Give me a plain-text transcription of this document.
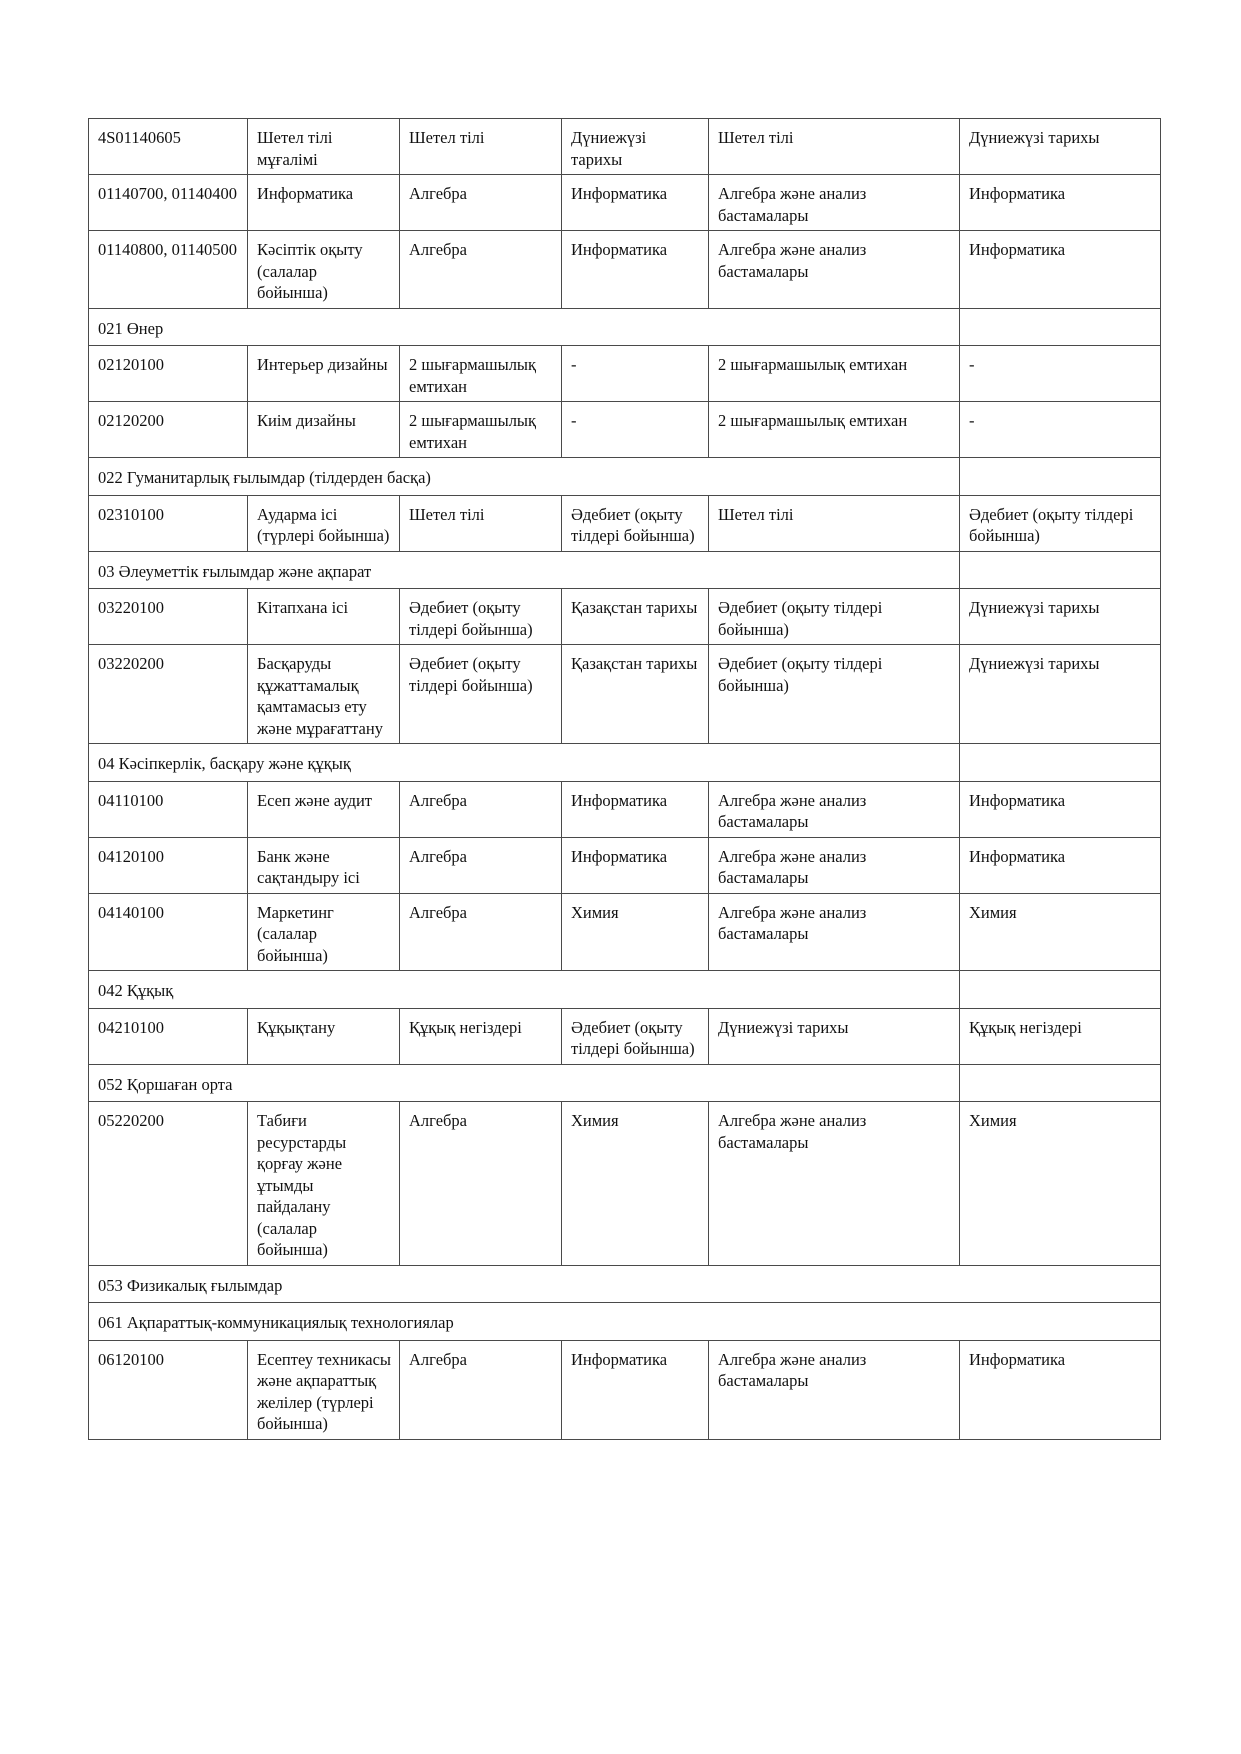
4S01140605	Шетел тілі мұғалімі	Шетел тілі	Дүниежүзі тарихы	Шетел тілі	Дүниежүзі тарихы
01140700, 01140400	Информатика	Алгебра	Информатика	Алгебра және анализ бастамалары	Информатика
01140800, 01140500	Кәсіптік оқыту (салалар бойынша)	Алгебра	Информатика	Алгебра және анализ бастамалары	Информатика
021 Өнер					
02120100	Интерьер дизайны	2 шығармашылық емтихан	-	2 шығармашылық емтихан	-
02120200	Киім дизайны	2 шығармашылық емтихан	-	2 шығармашылық емтихан	-
022 Гуманитарлық ғылымдар (тілдерден басқа)					
02310100	Аударма ісі (түрлері бойынша)	Шетел тілі	Әдебиет (оқыту тілдері бойынша)	Шетел тілі	Әдебиет (оқыту тілдері бойынша)
03 Әлеуметтік ғылымдар және ақпарат					
03220100	Кітапхана ісі	Әдебиет (оқыту тілдері бойынша)	Қазақстан тарихы	Әдебиет (оқыту тілдері бойынша)	Дүниежүзі тарихы
03220200	Басқаруды құжаттамалық қамтамасыз ету және мұрағаттану	Әдебиет (оқыту тілдері бойынша)	Қазақстан тарихы	Әдебиет (оқыту тілдері бойынша)	Дүниежүзі тарихы
04 Кәсіпкерлік, басқару және құқық					
04110100	Есеп және аудит	Алгебра	Информатика	Алгебра және анализ бастамалары	Информатика
04120100	Банк және сақтандыру ісі	Алгебра	Информатика	Алгебра және анализ бастамалары	Информатика
04140100	Маркетинг (салалар бойынша)	Алгебра	Химия	Алгебра және анализ бастамалары	Химия
042 Құқық					
04210100	Құқықтану	Құқық негіздері	Әдебиет (оқыту тілдері бойынша)	Дүниежүзі тарихы	Құқық негіздері
052 Қоршаған орта					
05220200	Табиғи ресурстарды қорғау және ұтымды пайдалану (салалар бойынша)	Алгебра	Химия	Алгебра және анализ бастамалары	Химия
053 Физикалық ғылымдар					
061 Ақпараттық-коммуникациялық технологиялар					
06120100	Есептеу техникасы және ақпараттық желілер (түрлері бойынша)	Алгебра	Информатика	Алгебра және анализ бастамалары	Информатика
